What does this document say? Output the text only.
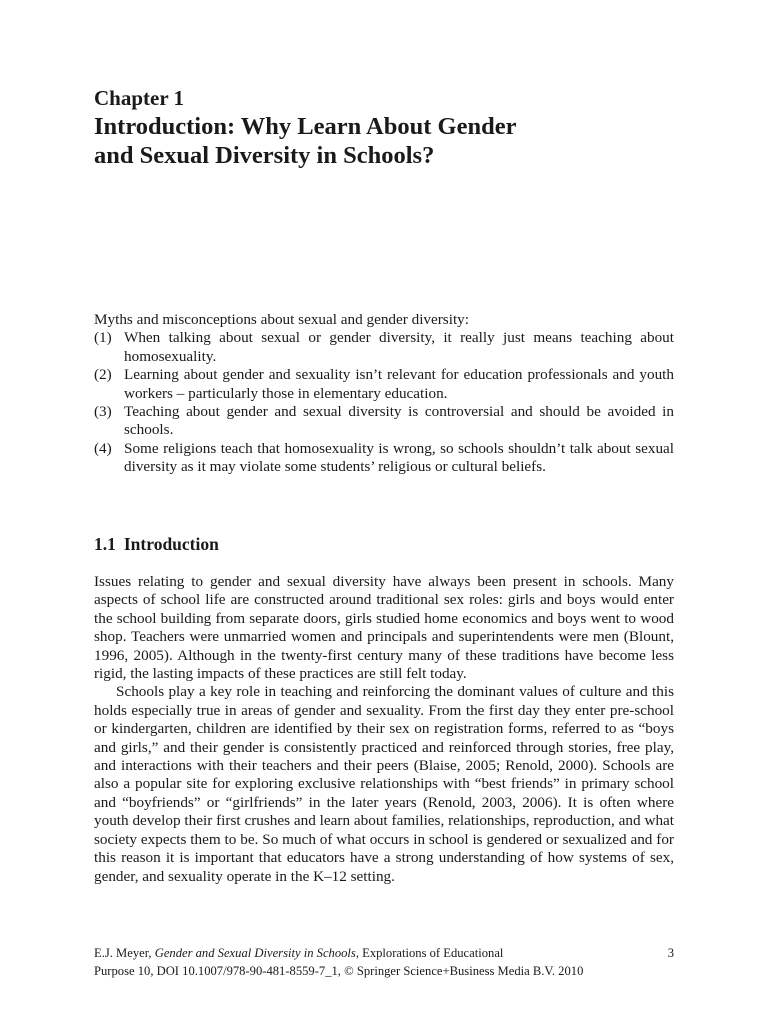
Chapter 1
Introduction: Why Learn About Gender
and Sexual Diversity in Schools?

Myths and misconceptions about sexual and gender diversity:

(1) When talking about sexual or gender diversity, it really just means teaching about homosexuality.
(2) Learning about gender and sexuality isn’t relevant for education professionals and youth workers – particularly those in elementary education.
(3) Teaching about gender and sexual diversity is controversial and should be avoided in schools.
(4) Some religions teach that homosexuality is wrong, so schools shouldn’t talk about sexual diversity as it may violate some students’ religious or cultural beliefs.
1.1 Introduction

Issues relating to gender and sexual diversity have always been present in schools. Many aspects of school life are constructed around traditional sex roles: girls and boys would enter the school building from separate doors, girls studied home economics and boys went to wood shop. Teachers were unmarried women and principals and superintendents were men (Blount, 1996, 2005). Although in the twenty-first century many of these traditions have become less rigid, the lasting impacts of these practices are still felt today.

Schools play a key role in teaching and reinforcing the dominant values of culture and this holds especially true in areas of gender and sexuality. From the first day they enter pre-school or kindergarten, children are identified by their sex on registration forms, referred to as “boys and girls,” and their gender is consistently practiced and reinforced through stories, free play, and interactions with their teachers and their peers (Blaise, 2005; Renold, 2000). Schools are also a popular site for exploring exclusive relationships with “best friends” in primary school and “boyfriends” or “girlfriends” in the later years (Renold, 2003, 2006). It is often where youth develop their first crushes and learn about families, relationships, reproduction, and what society expects them to be. So much of what occurs in school is gendered or sexualized and for this reason it is important that educators have a strong understanding of how systems of sex, gender, and sexuality operate in the K–12 setting.

E.J. Meyer, Gender and Sexual Diversity in Schools, Explorations of Educational	3
Purpose 10, DOI 10.1007/978-90-481-8559-7_1, © Springer Science+Business Media B.V. 2010
